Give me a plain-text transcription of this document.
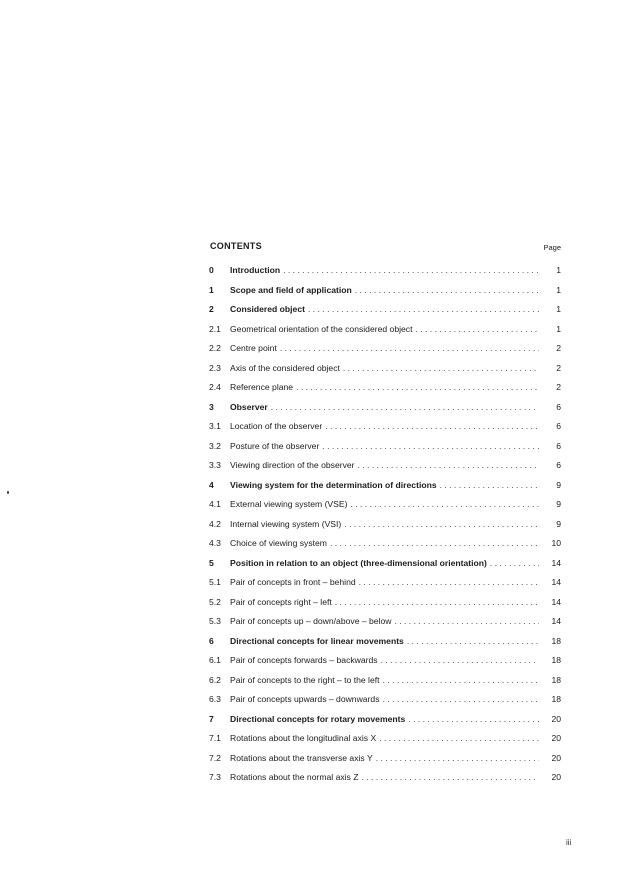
CONTENTS	Page
0	Introduction . . .	1
1	Scope and field of application . . .	1
2	Considered object . . .	1
2.1	Geometrical orientation of the considered object . . .	1
2.2	Centre point . . .	2
2.3	Axis of the considered object . . .	2
2.4	Reference plane . . .	2
3	Observer . . .	6
3.1	Location of the observer . . .	6
3.2	Posture of the observer . . .	6
3.3	Viewing direction of the observer . . .	6
4	Viewing system for the determination of directions . . .	9
4.1	External viewing system (VSE) . . .	9
4.2	Internal viewing system (VSI) . . .	9
4.3	Choice of viewing system . . .	10
5	Position in relation to an object (three-dimensional orientation) . . .	14
5.1	Pair of concepts in front – behind . . .	14
5.2	Pair of concepts right – left . . .	14
5.3	Pair of concepts up – down/above – below . . .	14
6	Directional concepts for linear movements . . .	18
6.1	Pair of concepts forwards – backwards . . .	18
6.2	Pair of concepts to the right – to the left . . .	18
6.3	Pair of concepts upwards – downwards . . .	18
7	Directional concepts for rotary movements . . .	20
7.1	Rotations about the longitudinal axis X . . .	20
7.2	Rotations about the transverse axis Y . . .	20
7.3	Rotations about the normal axis Z . . .	20
iii
